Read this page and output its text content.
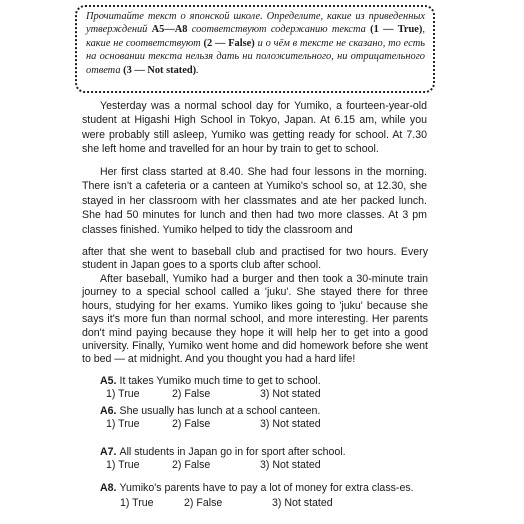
Прочитайте текст о японской школе. Определите, какие из приведенных утверждений A5—A8 соответствуют содержанию текста (1 — True), какие не соответствуют (2 — False) и о чём в тексте не сказано, то есть на основании текста нельзя дать ни положительного, ни отрицательного ответа (3 — Not stated).

Yesterday was a normal school day for Yumiko, a fourteen-year-old student at Higashi High School in Tokyo, Japan. At 6.15 am, while you were probably still asleep, Yumiko was getting ready for school. At 7.30 she left home and travelled for an hour by train to get to school.

Her first class started at 8.40. She had four lessons in the morning. There isn't a cafeteria or a canteen at Yumiko's school so, at 12.30, she stayed in her classroom with her classmates and ate her packed lunch. She had 50 minutes for lunch and then had two more classes. At 3 pm classes finished. Yumiko helped to tidy the classroom and

after that she went to baseball club and practised for two hours. Every student in Japan goes to a sports club after school.

After baseball, Yumiko had a burger and then took a 30-minute train journey to a special school called a 'juku'. She stayed there for three hours, studying for her exams. Yumiko likes going to 'juku' because she says it's more fun than normal school, and more interesting. Her parents don't mind paying because they hope it will help her to get into a good university. Finally, Yumiko went home and did homework before she went to bed — at midnight. And you thought you had a hard life!

A5. It takes Yumiko much time to get to school.
1) True	2) False	3) Not stated
A6. She usually has lunch at a school canteen.
1) True	2) False	3) Not stated
A7. All students in Japan go in for sport after school.
1) True	2) False	3) Not stated
A8. Yumiko's parents have to pay a lot of money for extra class-es.
1) True	2) False	3) Not stated
